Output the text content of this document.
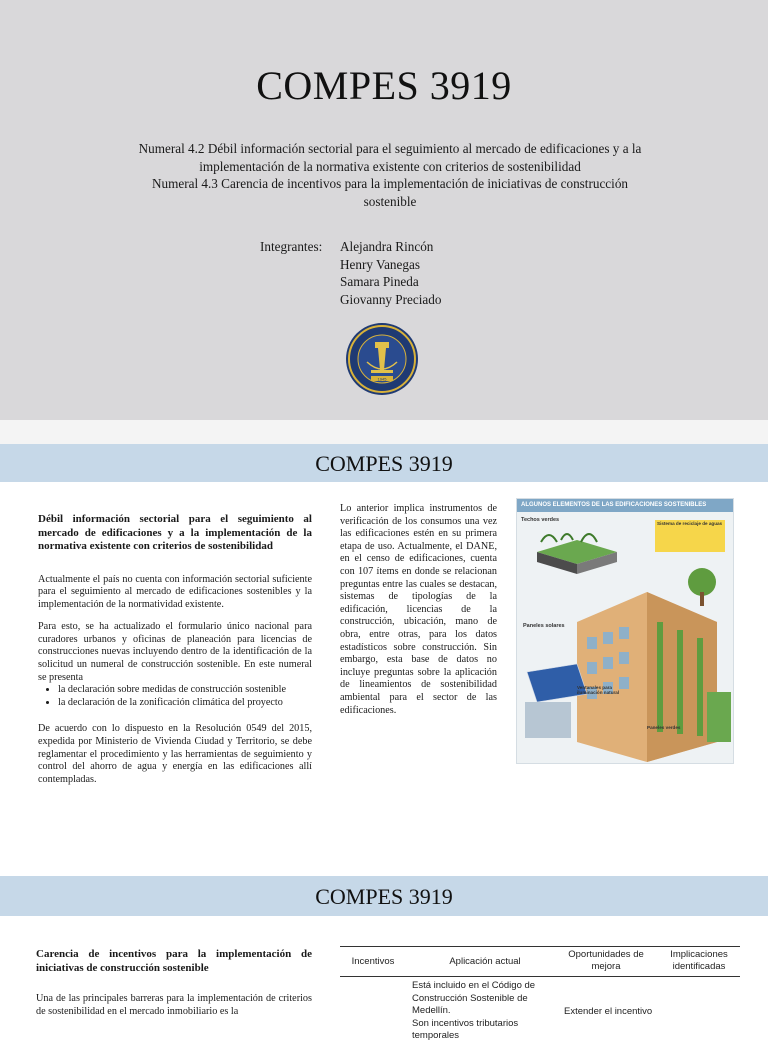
COMPES 3919
Numeral 4.2 Débil información sectorial para el seguimiento al mercado de edificaciones y a la
implementación de la normativa existente con criterios de sostenibilidad
Numeral 4.3 Carencia de incentivos para la implementación de iniciativas de construcción
sostenible
Integrantes: Alejandra Rincón
Henry Vanegas
Samara Pineda
Giovanny Preciado
1945
COMPES 3919
Débil información sectorial para el seguimiento al mercado de edificaciones y a la implementación de la normativa existente con criterios de sostenibilidad

Actualmente el país no cuenta con información sectorial suficiente para el seguimiento al mercado de edificaciones sostenibles y la implementación de la normatividad existente.

Para esto, se ha actualizado el formulario único nacional para curadores urbanos y oficinas de planeación para licencias de construcciones nuevas incluyendo dentro de la identificación de la solicitud un numeral de construcción sostenible. En este numeral se presenta

• la declaración sobre medidas de construcción sostenible
• la declaración de la zonificación climática del proyecto

De acuerdo con lo dispuesto en la Resolución 0549 del 2015, expedida por Ministerio de Vivienda Ciudad y Territorio, se debe reglamentar el procedimiento y las herramientas de seguimiento y control del ahorro de agua y energía en las edificaciones allí contempladas.

Lo anterior implica instrumentos de verificación de los consumos una vez las edificaciones estén en su primera etapa de uso. Actualmente, el DANE, en el censo de edificaciones, cuenta con 107 ítems en donde se relacionan preguntas entre las cuales se destacan, sistemas de tipologías de la edificación, licencias de la construcción, ubicación, mano de obra, entre otras, para los datos estadísticos sobre construcción. Sin embargo, esta base de datos no incluye preguntas sobre la aplicación de lineamientos de sostenibilidad ambiental para el sector de las edificaciones.

ALGUNOS ELEMENTOS DE LAS EDIFICACIONES SOSTENIBLES
Techos verdes
Sistema de reciclaje de aguas
Paneles solares
Ventanales para iluminación natural
Paneles verdes
COMPES 3919
Carencia de incentivos para la implementación de iniciativas de construcción sostenible

Una de las principales barreras para la implementación de criterios de sostenibilidad en el mercado inmobiliario es la

Incentivos	Aplicación actual
Oportunidades de mejora
Implicaciones identificadas
Está incluido en el Código de
Construcción Sostenible de Medellín.
Son incentivos tributarios temporales
Extender el incentivo
